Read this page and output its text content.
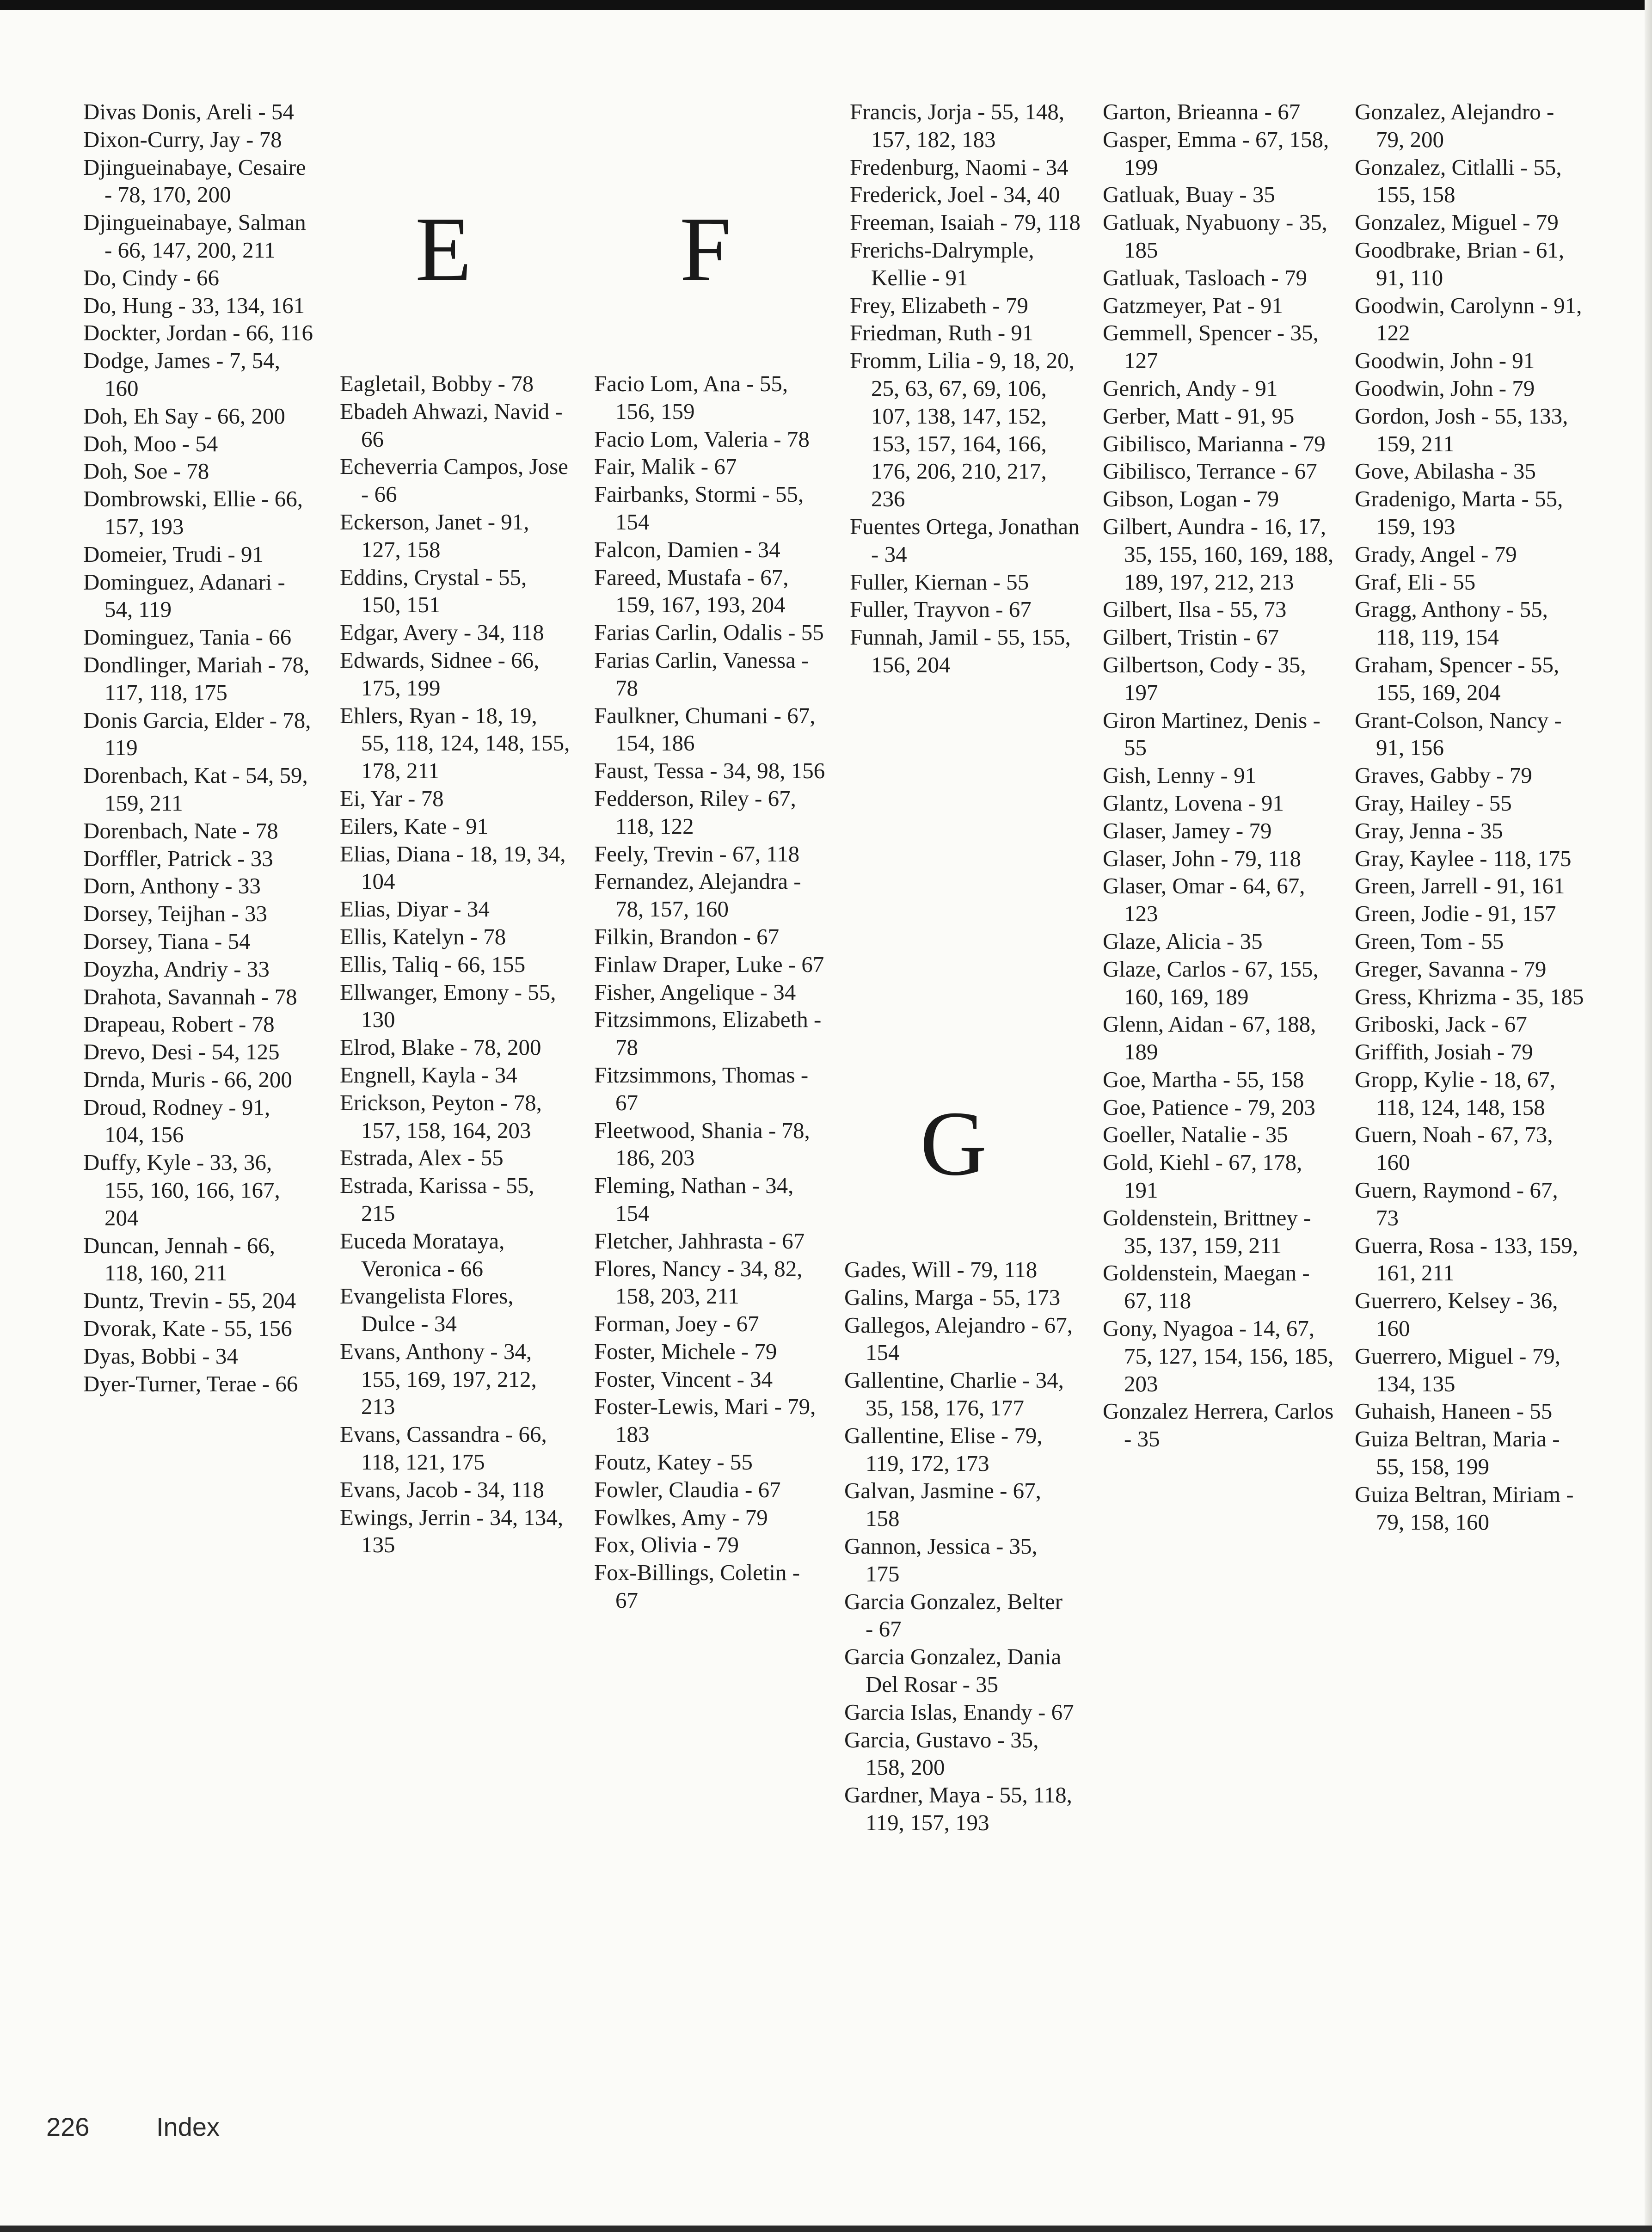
E F
G
Divas Donis, Areli - 54
Dixon-Curry, Jay - 78
Djingueinabaye, Cesaire - 78, 170, 200
Djingueinabaye, Salman - 66, 147, 200, 211
Do, Cindy - 66
Do, Hung - 33, 134, 161
Dockter, Jordan - 66, 116
Dodge, James - 7, 54, 160
Doh, Eh Say - 66, 200
Doh, Moo - 54
Doh, Soe - 78
Dombrowski, Ellie - 66, 157, 193
Domeier, Trudi - 91
Dominguez, Adanari - 54, 119
Dominguez, Tania - 66
Dondlinger, Mariah - 78, 117, 118, 175
Donis Garcia, Elder - 78, 119
Dorenbach, Kat - 54, 59, 159, 211
Dorenbach, Nate - 78
Dorffler, Patrick - 33
Dorn, Anthony - 33
Dorsey, Teijhan - 33
Dorsey, Tiana - 54
Doyzha, Andriy - 33
Drahota, Savannah - 78
Drapeau, Robert - 78
Drevo, Desi - 54, 125
Drnda, Muris - 66, 200
Droud, Rodney - 91, 104, 156
Duffy, Kyle - 33, 36, 155, 160, 166, 167, 204
Duncan, Jennah - 66, 118, 160, 211
Duntz, Trevin - 55, 204
Dvorak, Kate - 55, 156
Dyas, Bobbi - 34
Dyer-Turner, Terae - 66
Eagletail, Bobby - 78
Ebadeh Ahwazi, Navid - 66
Echeverria Campos, Jose - 66
Eckerson, Janet - 91, 127, 158
Eddins, Crystal - 55, 150, 151
Edgar, Avery - 34, 118
Edwards, Sidnee - 66, 175, 199
Ehlers, Ryan - 18, 19, 55, 118, 124, 148, 155, 178, 211
Ei, Yar - 78
Eilers, Kate - 91
Elias, Diana - 18, 19, 34, 104
Elias, Diyar - 34
Ellis, Katelyn - 78
Ellis, Taliq - 66, 155
Ellwanger, Emony - 55, 130
Elrod, Blake - 78, 200
Engnell, Kayla - 34
Erickson, Peyton - 78, 157, 158, 164, 203
Estrada, Alex - 55
Estrada, Karissa - 55, 215
Euceda Morataya, Veronica - 66
Evangelista Flores, Dulce - 34
Evans, Anthony - 34, 155, 169, 197, 212, 213
Evans, Cassandra - 66, 118, 121, 175
Evans, Jacob - 34, 118
Ewings, Jerrin - 34, 134, 135
Facio Lom, Ana - 55, 156, 159
Facio Lom, Valeria - 78
Fair, Malik - 67
Fairbanks, Stormi - 55, 154
Falcon, Damien - 34
Fareed, Mustafa - 67, 159, 167, 193, 204
Farias Carlin, Odalis - 55
Farias Carlin, Vanessa - 78
Faulkner, Chumani - 67, 154, 186
Faust, Tessa - 34, 98, 156
Fedderson, Riley - 67, 118, 122
Feely, Trevin - 67, 118
Fernandez, Alejandra - 78, 157, 160
Filkin, Brandon - 67
Finlaw Draper, Luke - 67
Fisher, Angelique - 34
Fitzsimmons, Elizabeth - 78
Fitzsimmons, Thomas - 67
Fleetwood, Shania - 78, 186, 203
Fleming, Nathan - 34, 154
Fletcher, Jahhrasta - 67
Flores, Nancy - 34, 82, 158, 203, 211
Forman, Joey - 67
Foster, Michele - 79
Foster, Vincent - 34
Foster-Lewis, Mari - 79, 183
Foutz, Katey - 55
Fowler, Claudia - 67
Fowlkes, Amy - 79
Fox, Olivia - 79
Fox-Billings, Coletin - 67
Francis, Jorja - 55, 148, 157, 182, 183
Fredenburg, Naomi - 34
Frederick, Joel - 34, 40
Freeman, Isaiah - 79, 118
Frerichs-Dalrymple, Kellie - 91
Frey, Elizabeth - 79
Friedman, Ruth - 91
Fromm, Lilia - 9, 18, 20, 25, 63, 67, 69, 106, 107, 138, 147, 152, 153, 157, 164, 166, 176, 206, 210, 217, 236
Fuentes Ortega, Jonathan - 34
Fuller, Kiernan - 55
Fuller, Trayvon - 67
Funnah, Jamil - 55, 155, 156, 204
Gades, Will - 79, 118
Galins, Marga - 55, 173
Gallegos, Alejandro - 67, 154
Gallentine, Charlie - 34, 35, 158, 176, 177
Gallentine, Elise - 79, 119, 172, 173
Galvan, Jasmine - 67, 158
Gannon, Jessica - 35, 175
Garcia Gonzalez, Belter - 67
Garcia Gonzalez, Dania Del Rosar - 35
Garcia Islas, Enandy - 67
Garcia, Gustavo - 35, 158, 200
Gardner, Maya - 55, 118, 119, 157, 193
Garton, Brieanna - 67
Gasper, Emma - 67, 158, 199
Gatluak, Buay - 35
Gatluak, Nyabuony - 35, 185
Gatluak, Tasloach - 79
Gatzmeyer, Pat - 91
Gemmell, Spencer - 35, 127
Genrich, Andy - 91
Gerber, Matt - 91, 95
Gibilisco, Marianna - 79
Gibilisco, Terrance - 67
Gibson, Logan - 79
Gilbert, Aundra - 16, 17, 35, 155, 160, 169, 188, 189, 197, 212, 213
Gilbert, Ilsa - 55, 73
Gilbert, Tristin - 67
Gilbertson, Cody - 35, 197
Giron Martinez, Denis - 55
Gish, Lenny - 91
Glantz, Lovena - 91
Glaser, Jamey - 79
Glaser, John - 79, 118
Glaser, Omar - 64, 67, 123
Glaze, Alicia - 35
Glaze, Carlos - 67, 155, 160, 169, 189
Glenn, Aidan - 67, 188, 189
Goe, Martha - 55, 158
Goe, Patience - 79, 203
Goeller, Natalie - 35
Gold, Kiehl - 67, 178, 191
Goldenstein, Brittney - 35, 137, 159, 211
Goldenstein, Maegan - 67, 118
Gony, Nyagoa - 14, 67, 75, 127, 154, 156, 185, 203
Gonzalez Herrera, Carlos - 35
Gonzalez, Alejandro - 79, 200
Gonzalez, Citlalli - 55, 155, 158
Gonzalez, Miguel - 79
Goodbrake, Brian - 61, 91, 110
Goodwin, Carolynn - 91, 122
Goodwin, John - 91
Goodwin, John - 79
Gordon, Josh - 55, 133, 159, 211
Gove, Abilasha - 35
Gradenigo, Marta - 55, 159, 193
Grady, Angel - 79
Graf, Eli - 55
Gragg, Anthony - 55, 118, 119, 154
Graham, Spencer - 55, 155, 169, 204
Grant-Colson, Nancy - 91, 156
Graves, Gabby - 79
Gray, Hailey - 55
Gray, Jenna - 35
Gray, Kaylee - 118, 175
Green, Jarrell - 91, 161
Green, Jodie - 91, 157
Green, Tom - 55
Greger, Savanna - 79
Gress, Khrizma - 35, 185
Griboski, Jack - 67
Griffith, Josiah - 79
Gropp, Kylie - 18, 67, 118, 124, 148, 158
Guern, Noah - 67, 73, 160
Guern, Raymond - 67, 73
Guerra, Rosa - 133, 159, 161, 211
Guerrero, Kelsey - 36, 160
Guerrero, Miguel - 79, 134, 135
Guhaish, Haneen - 55
Guiza Beltran, Maria - 55, 158, 199
Guiza Beltran, Miriam - 79, 158, 160
226	Index
